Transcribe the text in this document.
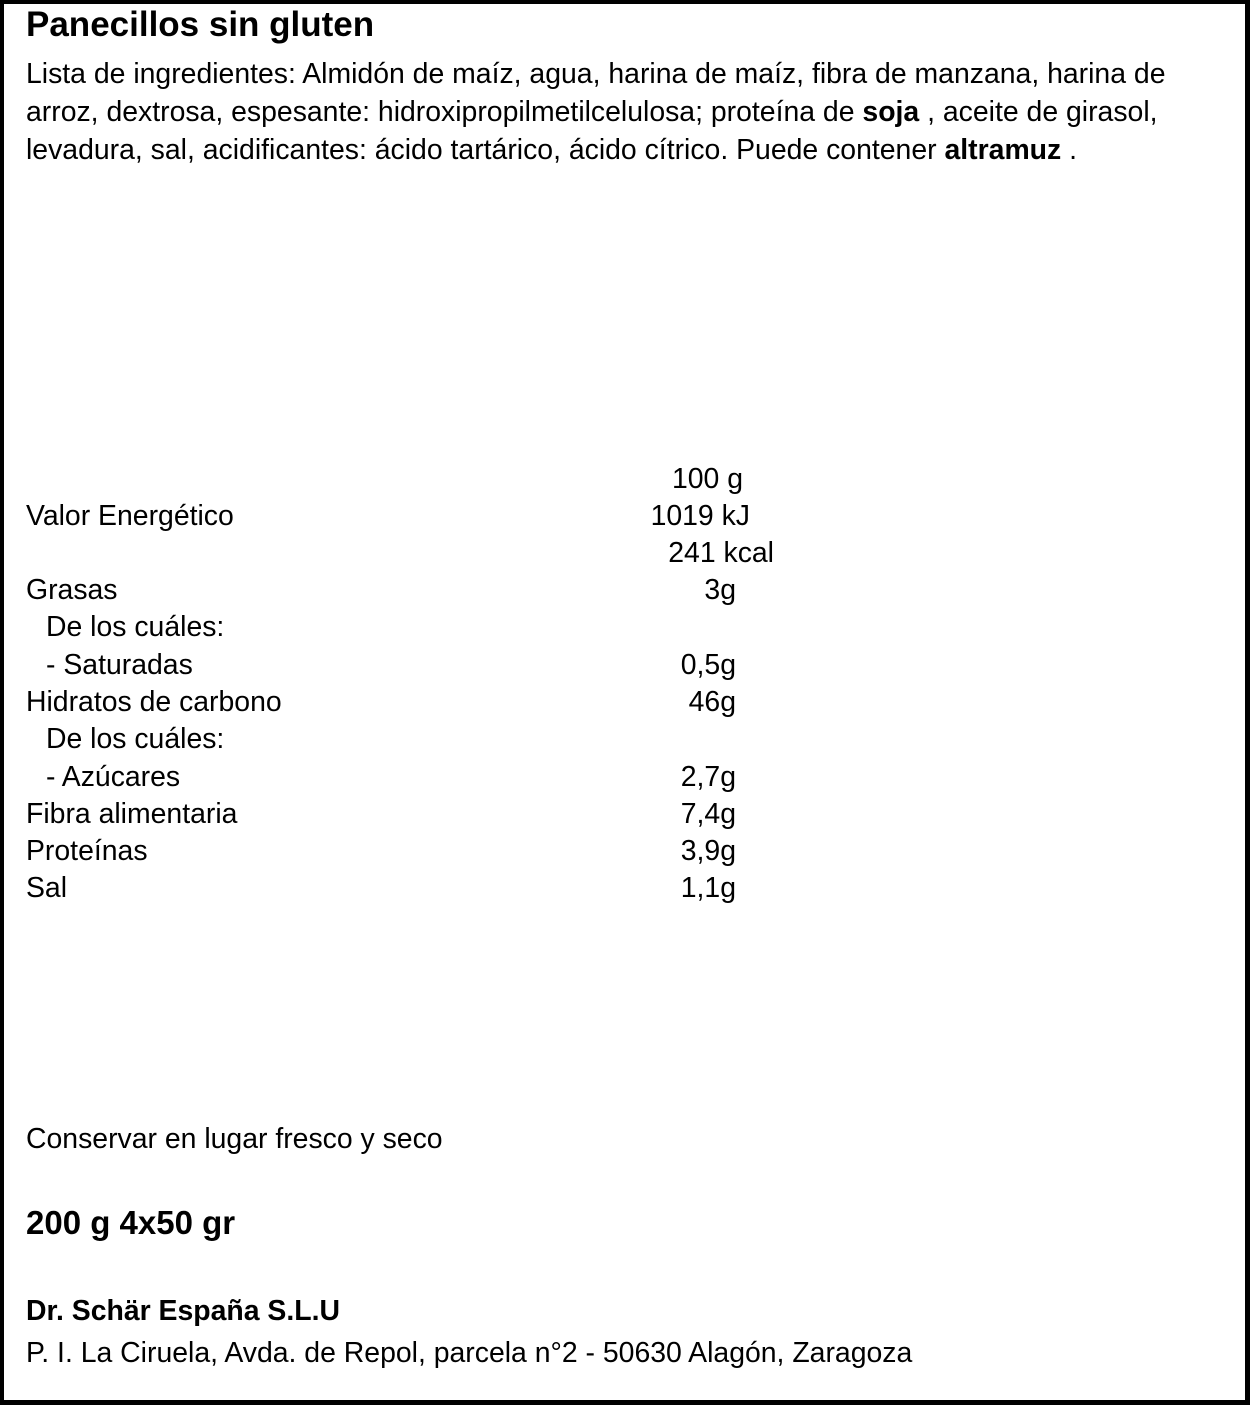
Panecillos sin gluten
Lista de ingredientes: Almidón de maíz, agua, harina de maíz, fibra de manzana, harina de arroz, dextrosa, espesante: hidroxipropilmetilcelulosa; proteína de soja , aceite de girasol, levadura, sal, acidificantes: ácido tartárico, ácido cítrico. Puede contener altramuz .
100 g
Valor Energético	1019 kJ
241 kcal
Grasas	3g
De los cuáles:
- Saturadas	0,5g
Hidratos de carbono	46g
De los cuáles:
- Azúcares	2,7g
Fibra alimentaria	7,4g
Proteínas	3,9g
Sal	1,1g
Conservar en lugar fresco y seco
200 g 4x50 gr
Dr. Schär España S.L.U
P. I. La Ciruela, Avda. de Repol, parcela n°2 - 50630 Alagón, Zaragoza
